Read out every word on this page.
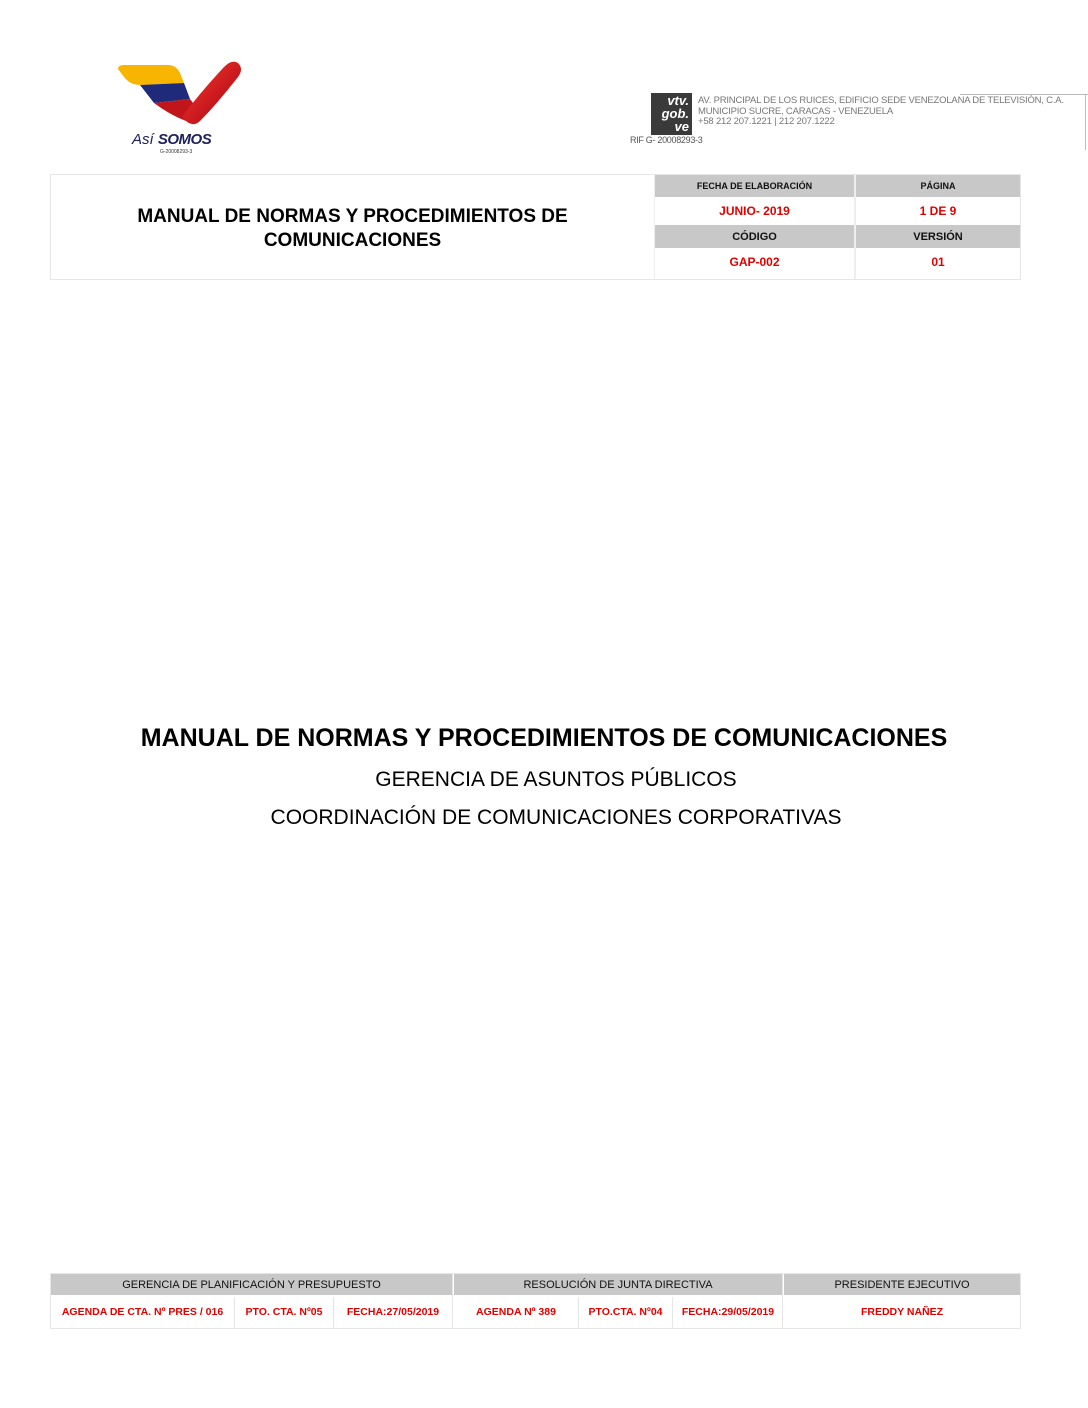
Así SOMOS
G-20008293-3
vtv.
gob.
ve
AV. PRINCIPAL DE LOS RUICES, EDIFICIO SEDE VENEZOLANA DE TELEVISIÓN, C.A.
MUNICIPIO SUCRE, CARACAS - VENEZUELA
+58 212 207.1221 | 212 207.1222
RIF G- 20008293-3
MANUAL DE NORMAS Y PROCEDIMIENTOS DE COMUNICACIONES
FECHA DE ELABORACIÓN	PÁGINA
JUNIO- 2019	1 DE 9
CÓDIGO	VERSIÓN
GAP-002	01
MANUAL DE NORMAS Y PROCEDIMIENTOS DE COMUNICACIONES
GERENCIA DE ASUNTOS PÚBLICOS
COORDINACIÓN DE COMUNICACIONES CORPORATIVAS
GERENCIA DE PLANIFICACIÓN Y PRESUPUESTO	RESOLUCIÓN DE JUNTA DIRECTIVA	PRESIDENTE EJECUTIVO
AGENDA DE CTA. Nº PRES / 016	PTO. CTA. Nº05	FECHA:27/05/2019	AGENDA Nº 389	PTO.CTA. Nº04	FECHA:29/05/2019	FREDDY NAÑEZ
